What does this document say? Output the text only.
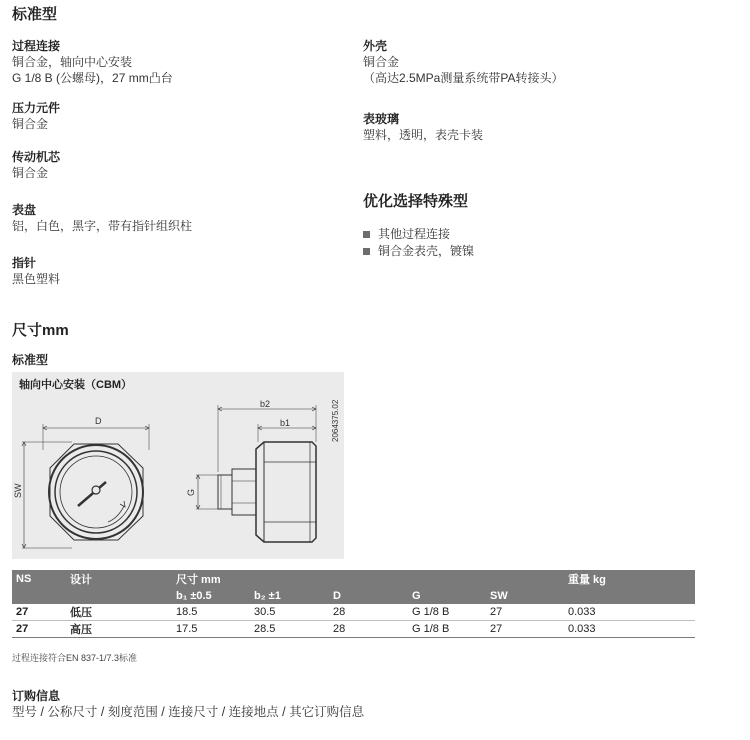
标准型
过程连接
铜合金，轴向中心安装
G 1/8 B (公螺母)，27 mm凸台
压力元件
铜合金
传动机芯
铜合金
表盘
铝，白色，黑字，带有指针组织柱
指针
黑色塑料
外壳
铜合金
（高达2.5MPa测量系统带PA转接头）
表玻璃
塑料，透明，表壳卡装
优化选择特殊型
其他过程连接
铜合金表壳，镀镍
尺寸mm
标准型
轴向中心安装（CBM）
D
SW
b2
b1
G
2064375.02
NS	设计	尺寸 mm					重量 kg
		b₁ ±0.5	b₂ ±1	D	G	SW	
27	低压	18.5	30.5	28	G 1/8 B	27	0.033
27	高压	17.5	28.5	28	G 1/8 B	27	0.033
过程连接符合EN 837-1/7.3标准
订购信息
型号 / 公称尺寸 / 刻度范围 / 连接尺寸 / 连接地点 / 其它订购信息
